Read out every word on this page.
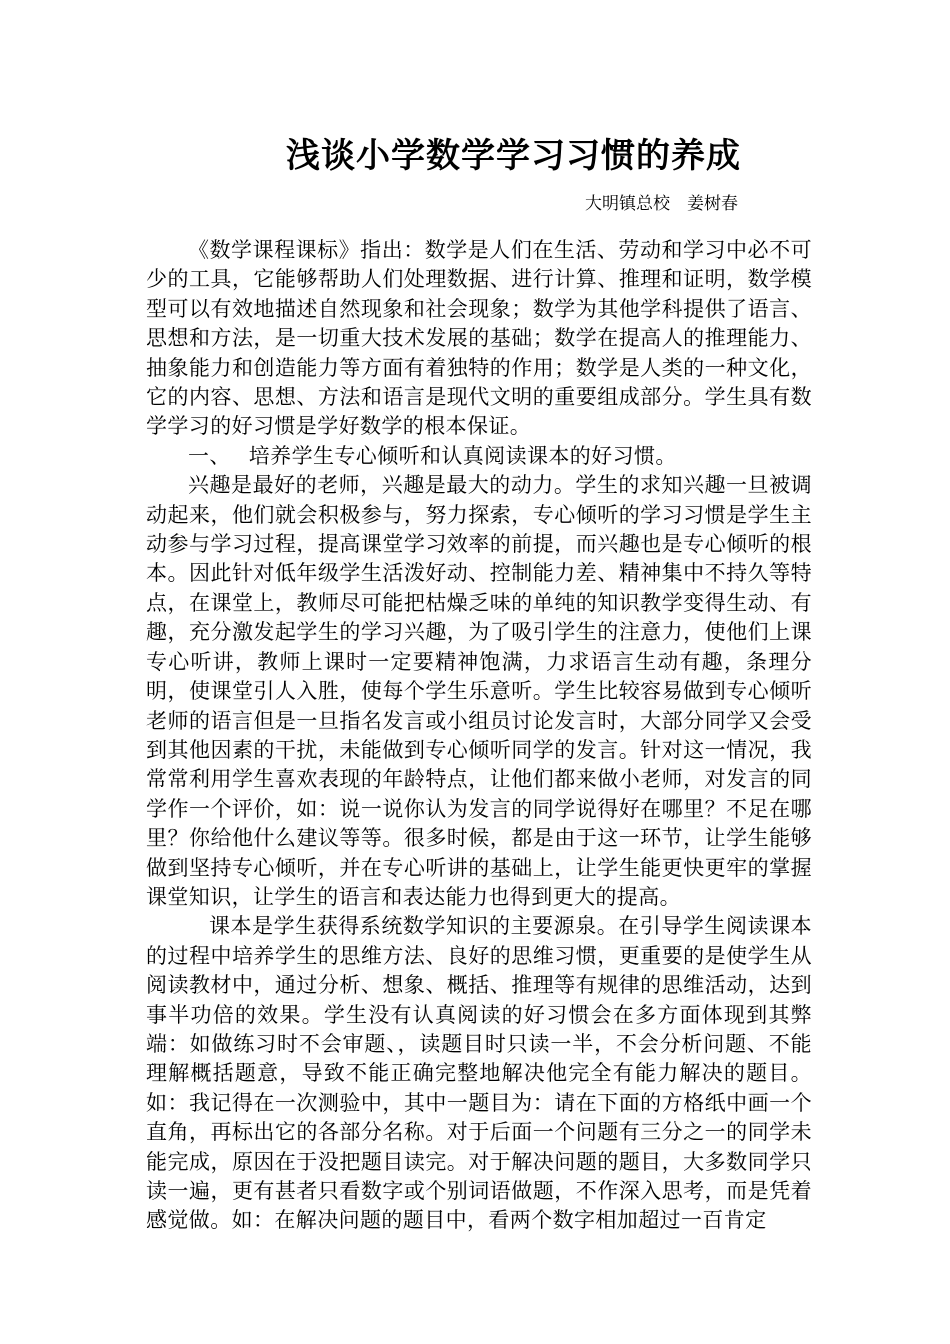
浅谈小学数学学习习惯的养成
大明镇总校　姜树春

《数学课程课标》指出：数学是人们在生活、劳动和学习中必不可少的工具，它能够帮助人们处理数据、进行计算、推理和证明，数学模型可以有效地描述自然现象和社会现象；数学为其他学科提供了语言、思想和方法，是一切重大技术发展的基础；数学在提高人的推理能力、抽象能力和创造能力等方面有着独特的作用；数学是人类的一种文化，它的内容、思想、方法和语言是现代文明的重要组成部分。学生具有数学学习的好习惯是学好数学的根本保证。

一、　 培养学生专心倾听和认真阅读课本的好习惯。

兴趣是最好的老师，兴趣是最大的动力。学生的求知兴趣一旦被调动起来，他们就会积极参与，努力探索，专心倾听的学习习惯是学生主动参与学习过程，提高课堂学习效率的前提，而兴趣也是专心倾听的根本。因此针对低年级学生活泼好动、控制能力差、精神集中不持久等特点，在课堂上，教师尽可能把枯燥乏味的单纯的知识教学变得生动、有趣，充分激发起学生的学习兴趣，为了吸引学生的注意力，使他们上课专心听讲，教师上课时一定要精神饱满，力求语言生动有趣，条理分明，使课堂引人入胜，使每个学生乐意听。学生比较容易做到专心倾听老师的语言但是一旦指名发言或小组员讨论发言时，大部分同学又会受到其他因素的干扰，未能做到专心倾听同学的发言。针对这一情况，我常常利用学生喜欢表现的年龄特点，让他们都来做小老师，对发言的同学作一个评价，如：说一说你认为发言的同学说得好在哪里？不足在哪里？你给他什么建议等等。很多时候，都是由于这一环节，让学生能够做到坚持专心倾听，并在专心听讲的基础上，让学生能更快更牢的掌握课堂知识，让学生的语言和表达能力也得到更大的提高。

课本是学生获得系统数学知识的主要源泉。在引导学生阅读课本的过程中培养学生的思维方法、良好的思维习惯，更重要的是使学生从阅读教材中，通过分析、想象、概括、推理等有规律的思维活动，达到事半功倍的效果。学生没有认真阅读的好习惯会在多方面体现到其弊端：如做练习时不会审题、，读题目时只读一半，不会分析问题、不能理解概括题意，导致不能正确完整地解决他完全有能力解决的题目。如：我记得在一次测验中，其中一题目为：请在下面的方格纸中画一个直角，再标出它的各部分名称。对于后面一个问题有三分之一的同学未能完成，原因在于没把题目读完。对于解决问题的题目，大多数同学只读一遍，更有甚者只看数字或个别词语做题，不作深入思考，而是凭着感觉做。如：在解决问题的题目中，看两个数字相加超过一百肯定
